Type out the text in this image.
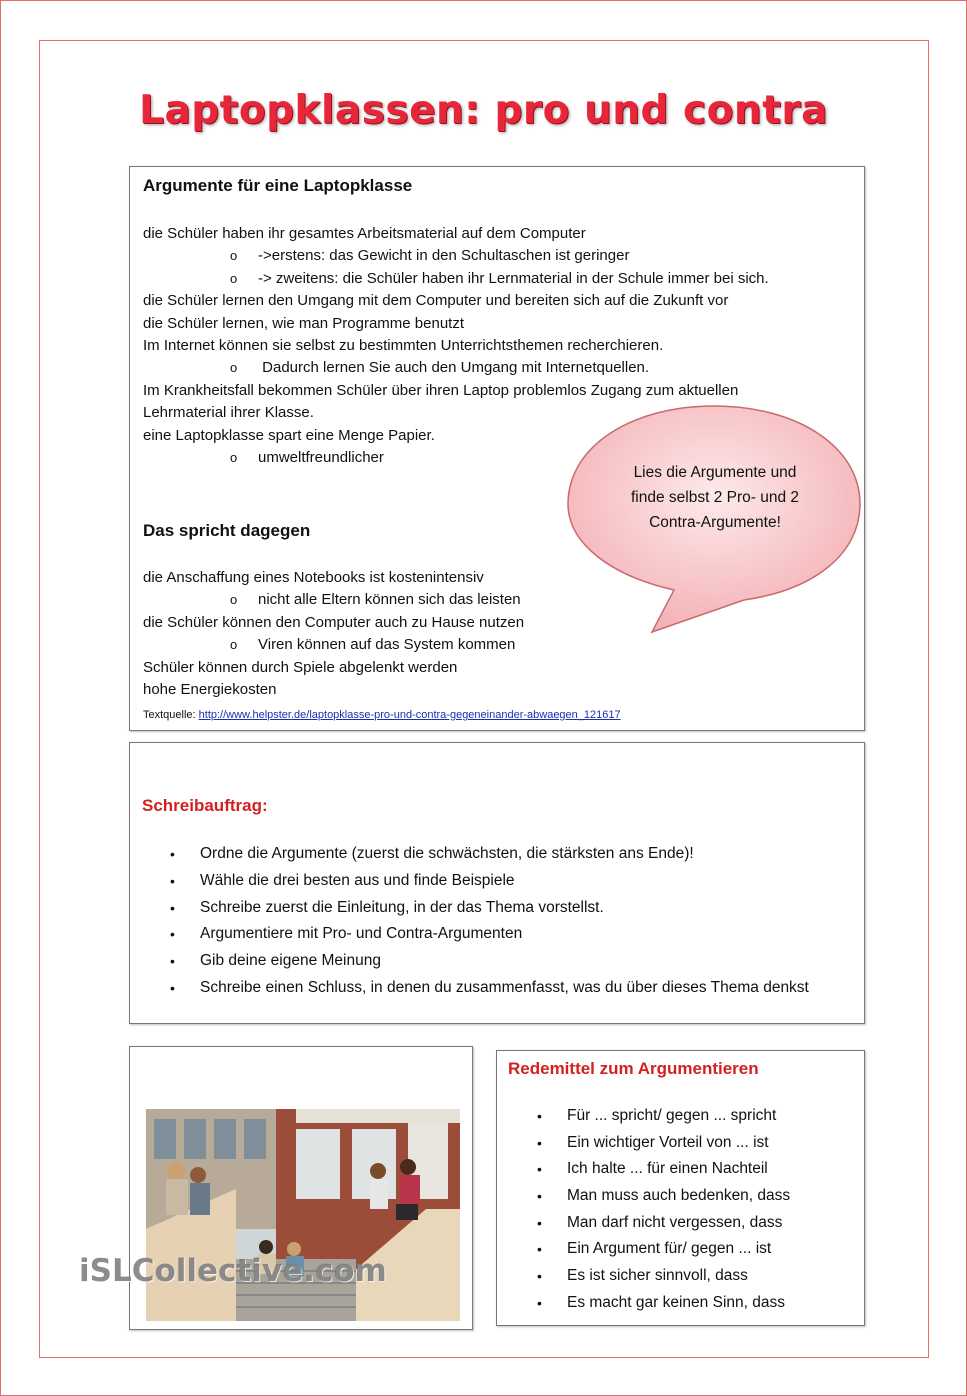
Laptopklassen: pro und contra
Argumente für eine Laptopklasse
die Schüler haben ihr gesamtes Arbeitsmaterial auf dem Computer
o ->erstens: das Gewicht in den Schultaschen ist geringer
o -> zweitens: die Schüler haben ihr Lernmaterial in der Schule immer bei sich.
die Schüler lernen den Umgang mit dem Computer und bereiten sich auf die Zukunft vor
die Schüler lernen, wie man Programme benutzt
Im Internet können sie selbst zu bestimmten Unterrichtsthemen recherchieren.
o Dadurch lernen Sie auch den Umgang mit Internetquellen.
Im Krankheitsfall bekommen Schüler über ihren Laptop problemlos Zugang zum aktuellen
Lehrmaterial ihrer Klasse.
eine Laptopklasse spart eine Menge Papier.
o umweltfreundlicher
Das spricht dagegen
die Anschaffung eines Notebooks ist kostenintensiv
o nicht alle Eltern können sich das leisten
die Schüler können den Computer auch zu Hause nutzen
o Viren können auf das System kommen
Schüler können durch Spiele abgelenkt werden
hohe Energiekosten
Textquelle: http://www.helpster.de/laptopklasse-pro-und-contra-gegeneinander-abwaegen_121617
Lies die Argumente und
finde selbst 2 Pro- und 2
Contra-Argumente!
Schreibauftrag:
• Ordne die Argumente (zuerst die schwächsten, die stärksten ans Ende)!
• Wähle die drei besten aus und finde Beispiele
• Schreibe zuerst die Einleitung, in der das Thema vorstellst.
• Argumentiere mit Pro- und Contra-Argumenten
• Gib deine eigene Meinung
• Schreibe einen Schluss, in denen du zusammenfasst, was du über dieses Thema denkst
iSLCollective.com
Redemittel zum Argumentieren
• Für ... spricht/ gegen ... spricht
• Ein wichtiger Vorteil von ... ist
• Ich halte ... für einen Nachteil
• Man muss auch bedenken, dass
• Man darf nicht vergessen, dass
• Ein Argument für/ gegen ... ist
• Es ist sicher sinnvoll, dass
• Es macht gar keinen Sinn, dass
